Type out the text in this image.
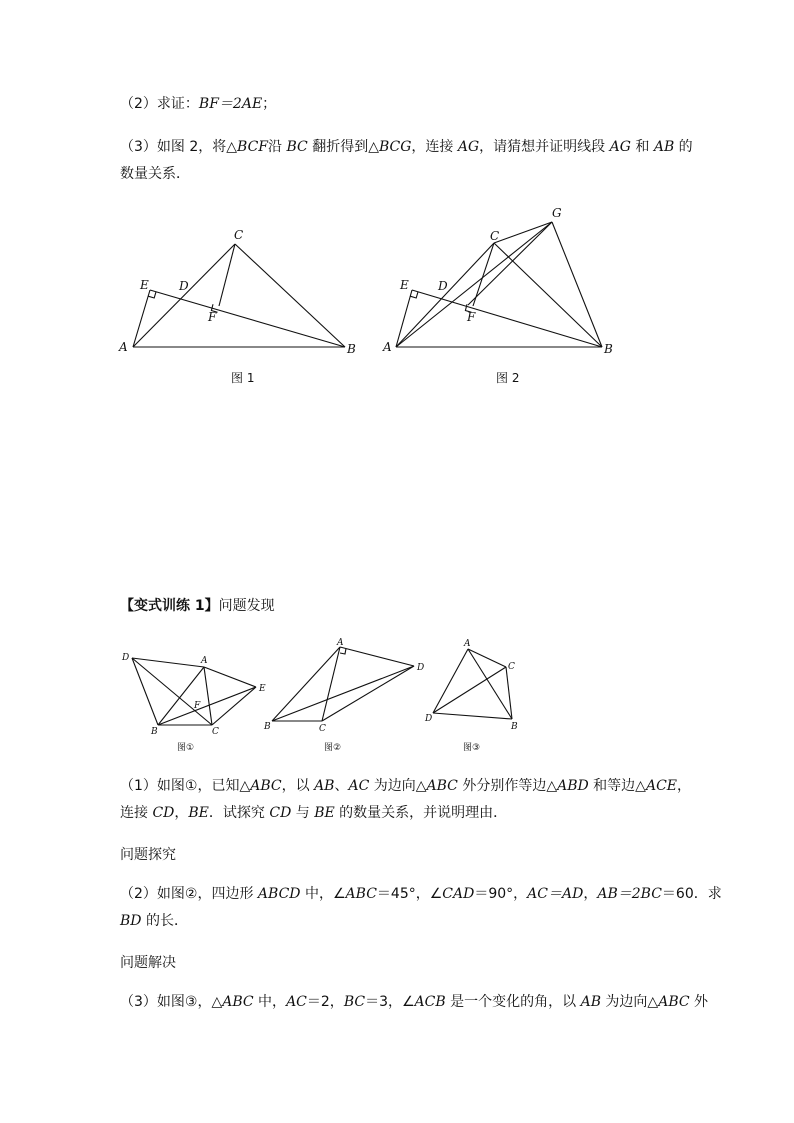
（2）求证：BF＝2AE；
（3）如图 2，将△BCF沿 BC 翻折得到△BCG，连接 AG，请猜想并证明线段 AG 和 AB 的
数量关系．
A	B
C
D
E
F
图 1
A	B
C
D
E
F
G
图 2
【变式训练 1】问题发现
A
B	C
D
E
F
图①
A
B	C
D
图②
A
B
C
D
图③
（1）如图①，已知△ABC，以 AB、AC 为边向△ABC 外分别作等边△ABD 和等边△ACE，
连接 CD，BE．试探究 CD 与 BE 的数量关系，并说明理由．
问题探究
（2）如图②，四边形 ABCD 中，∠ABC＝45°，∠CAD＝90°，AC＝AD，AB＝2BC＝60．求
BD 的长．
问题解决
（3）如图③，△ABC 中，AC＝2，BC＝3，∠ACB 是一个变化的角，以 AB 为边向△ABC 外
